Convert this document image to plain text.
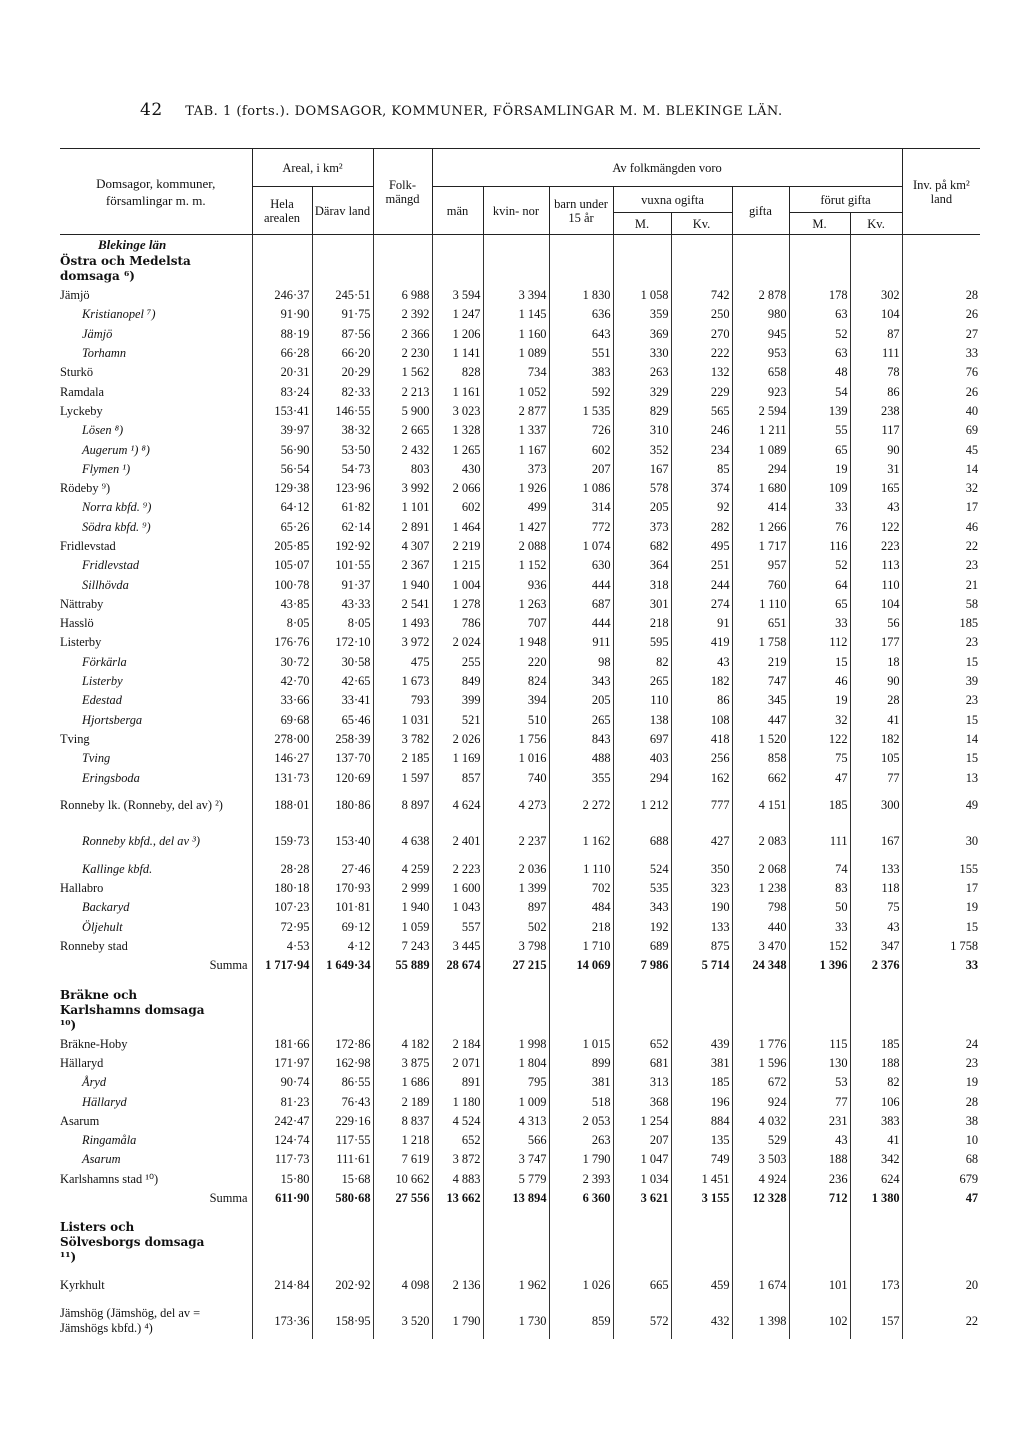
42 TAB. 1 (forts.). DOMSAGOR, KOMMUNER, FÖRSAMLINGAR M. M. BLEKINGE LÄN.
Domsagor, kommuner, församlingar m. m.	Areal, i km²		Folk- mängd	Av folkmängden voro								Inv. på km² land
	Hela arealen	Därav land		män	kvin- nor	barn under 15 år	vuxna ogifta		gifta	förut gifta		
							M.	Kv.		M.	Kv.	
Blekinge län												

Östra och Medelsta domsaga ⁶)												

Jämjö	246·37	245·51	6 988	3 594	3 394	1 830	1 058	742	2 878	178	302	28
Kristianopel ⁷)	91·90	91·75	2 392	1 247	1 145	636	359	250	980	63	104	26
Jämjö	88·19	87·56	2 366	1 206	1 160	643	369	270	945	52	87	27
Torhamn	66·28	66·20	2 230	1 141	1 089	551	330	222	953	63	111	33
Sturkö	20·31	20·29	1 562	828	734	383	263	132	658	48	78	76
Ramdala	83·24	82·33	2 213	1 161	1 052	592	329	229	923	54	86	26
Lyckeby	153·41	146·55	5 900	3 023	2 877	1 535	829	565	2 594	139	238	40
Lösen ⁸)	39·97	38·32	2 665	1 328	1 337	726	310	246	1 211	55	117	69
Augerum ¹) ⁸)	56·90	53·50	2 432	1 265	1 167	602	352	234	1 089	65	90	45
Flymen ¹)	56·54	54·73	803	430	373	207	167	85	294	19	31	14
Rödeby ⁹)	129·38	123·96	3 992	2 066	1 926	1 086	578	374	1 680	109	165	32
Norra kbfd. ⁹)	64·12	61·82	1 101	602	499	314	205	92	414	33	43	17
Södra kbfd. ⁹)	65·26	62·14	2 891	1 464	1 427	772	373	282	1 266	76	122	46
Fridlevstad	205·85	192·92	4 307	2 219	2 088	1 074	682	495	1 717	116	223	22
Fridlevstad	105·07	101·55	2 367	1 215	1 152	630	364	251	957	52	113	23
Sillhövda	100·78	91·37	1 940	1 004	936	444	318	244	760	64	110	21
Nättraby	43·85	43·33	2 541	1 278	1 263	687	301	274	1 110	65	104	58
Hasslö	8·05	8·05	1 493	786	707	444	218	91	651	33	56	185
Listerby	176·76	172·10	3 972	2 024	1 948	911	595	419	1 758	112	177	23
Förkärla	30·72	30·58	475	255	220	98	82	43	219	15	18	15
Listerby	42·70	42·65	1 673	849	824	343	265	182	747	46	90	39
Edestad	33·66	33·41	793	399	394	205	110	86	345	19	28	23
Hjortsberga	69·68	65·46	1 031	521	510	265	138	108	447	32	41	15
Tving	278·00	258·39	3 782	2 026	1 756	843	697	418	1 520	122	182	14
Tving	146·27	137·70	2 185	1 169	1 016	488	403	256	858	75	105	15
Eringsboda	131·73	120·69	1 597	857	740	355	294	162	662	47	77	13
Ronneby lk. (Ronneby, del av) ²)	188·01	180·86	8 897	4 624	4 273	2 272	1 212	777	4 151	185	300	49
Ronneby kbfd., del av ³)	159·73	153·40	4 638	2 401	2 237	1 162	688	427	2 083	111	167	30
Kallinge kbfd.	28·28	27·46	4 259	2 223	2 036	1 110	524	350	2 068	74	133	155
Hallabro	180·18	170·93	2 999	1 600	1 399	702	535	323	1 238	83	118	17
Backaryd	107·23	101·81	1 940	1 043	897	484	343	190	798	50	75	19
Öljehult	72·95	69·12	1 059	557	502	218	192	133	440	33	43	15
Ronneby stad	4·53	4·12	7 243	3 445	3 798	1 710	689	875	3 470	152	347	1 758
Summa	1 717·94	1 649·34	55 889	28 674	27 215	14 069	7 986	5 714	24 348	1 396	2 376	33

Bräkne och Karlshamns domsaga ¹⁰)												

Bräkne-Hoby	181·66	172·86	4 182	2 184	1 998	1 015	652	439	1 776	115	185	24
Hällaryd	171·97	162·98	3 875	2 071	1 804	899	681	381	1 596	130	188	23
Åryd	90·74	86·55	1 686	891	795	381	313	185	672	53	82	19
Hällaryd	81·23	76·43	2 189	1 180	1 009	518	368	196	924	77	106	28
Asarum	242·47	229·16	8 837	4 524	4 313	2 053	1 254	884	4 032	231	383	38
Ringamåla	124·74	117·55	1 218	652	566	263	207	135	529	43	41	10
Asarum	117·73	111·61	7 619	3 872	3 747	1 790	1 047	749	3 503	188	342	68
Karlshamns stad ¹⁰)	15·80	15·68	10 662	4 883	5 779	2 393	1 034	1 451	4 924	236	624	679
Summa	611·90	580·68	27 556	13 662	13 894	6 360	3 621	3 155	12 328	712	1 380	47

Listers och Sölvesborgs domsaga ¹¹)												

Kyrkhult	214·84	202·92	4 098	2 136	1 962	1 026	665	459	1 674	101	173	20
Jämshög (Jämshög, del av = Jämshögs kbfd.) ⁴)	173·36	158·95	3 520	1 790	1 730	859	572	432	1 398	102	157	22
